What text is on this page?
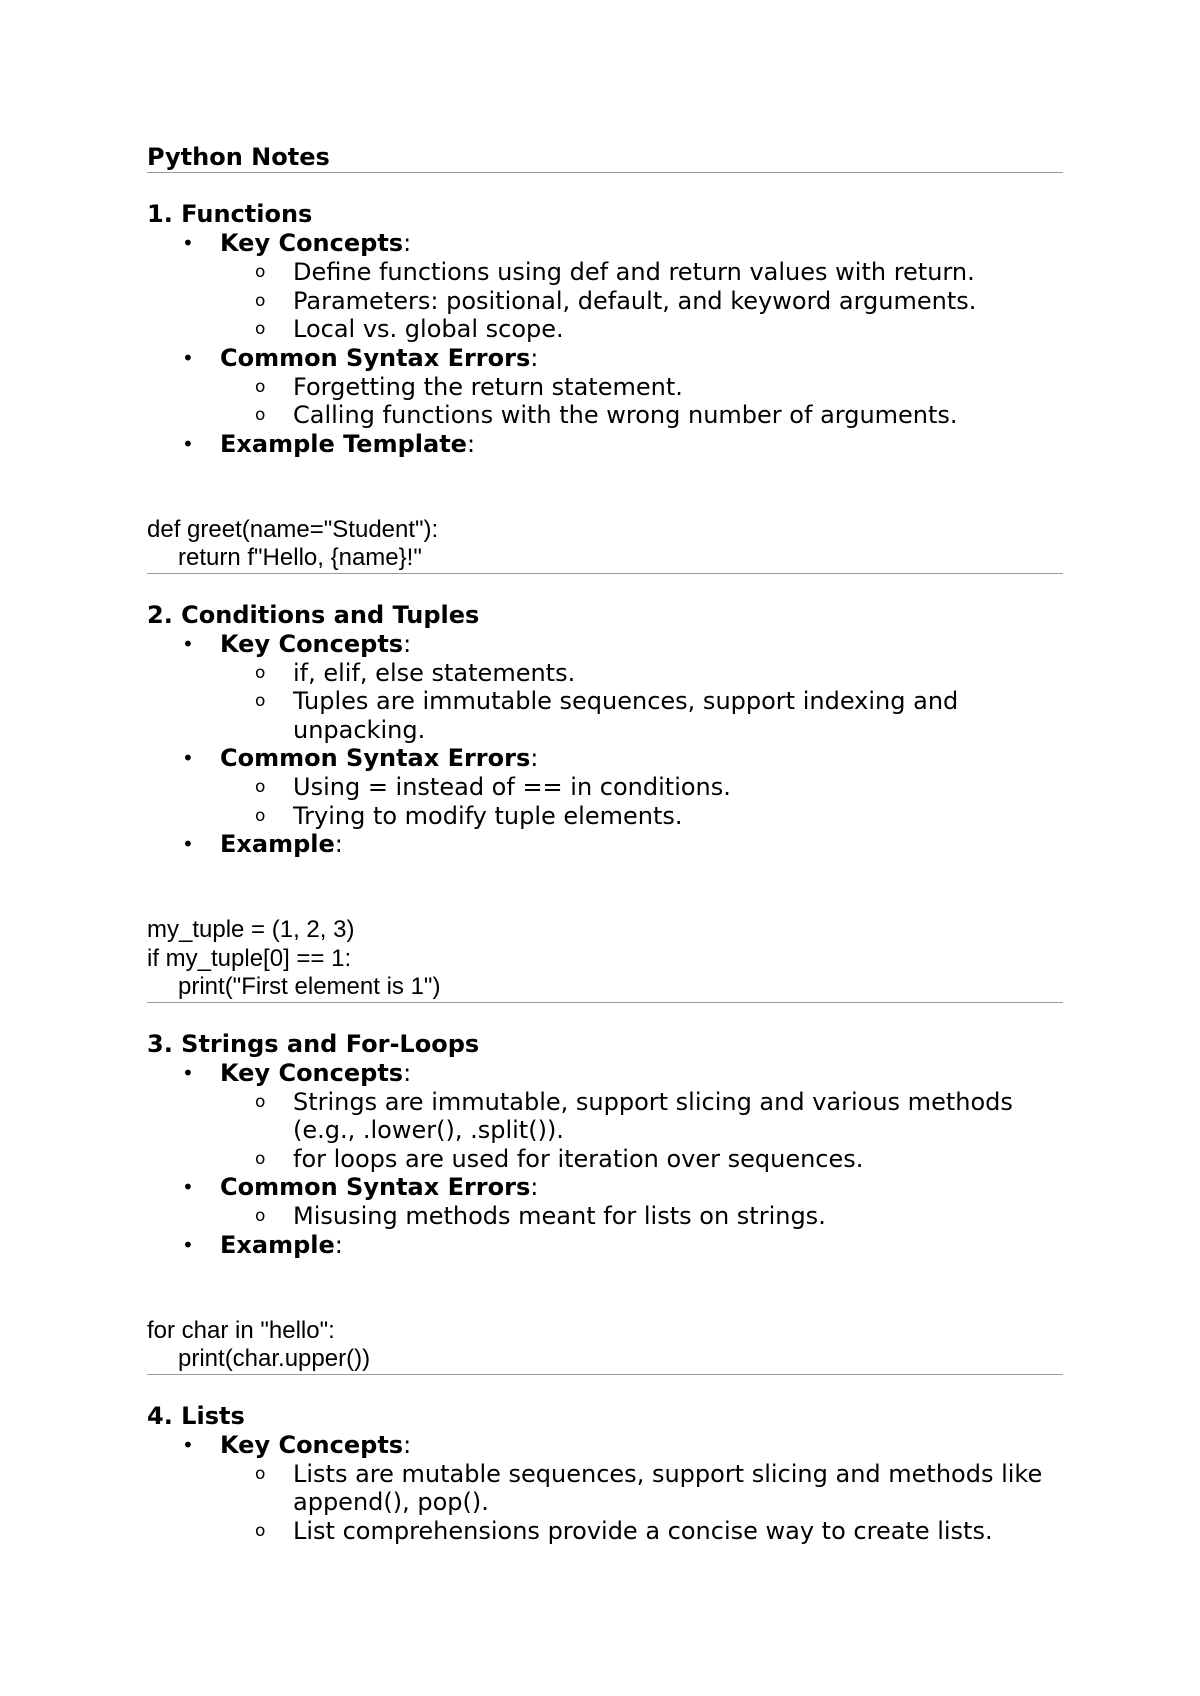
Python Notes
1. Functions
• Key Concepts:
o	Define functions using def and return values with return.
o	Parameters: positional, default, and keyword arguments.
o	Local vs. global scope.
• Common Syntax Errors:
o	Forgetting the return statement.
o	Calling functions with the wrong number of arguments.
• Example Template:
def greet(name="Student"):
return f"Hello, {name}!"
2. Conditions and Tuples
• Key Concepts:
o	if, elif, else statements.
o	Tuples are immutable sequences, support indexing and unpacking.
• Common Syntax Errors:
o	Using = instead of == in conditions.
o	Trying to modify tuple elements.
• Example:
my_tuple = (1, 2, 3)
if my_tuple[0] == 1:
print("First element is 1")
3. Strings and For-Loops
• Key Concepts:
o	Strings are immutable, support slicing and various methods (e.g., .lower(), .split()).
o	for loops are used for iteration over sequences.
• Common Syntax Errors:
o	Misusing methods meant for lists on strings.
• Example:
for char in "hello":
print(char.upper())
4. Lists
• Key Concepts:
o	Lists are mutable sequences, support slicing and methods like append(), pop().
o	List comprehensions provide a concise way to create lists.
